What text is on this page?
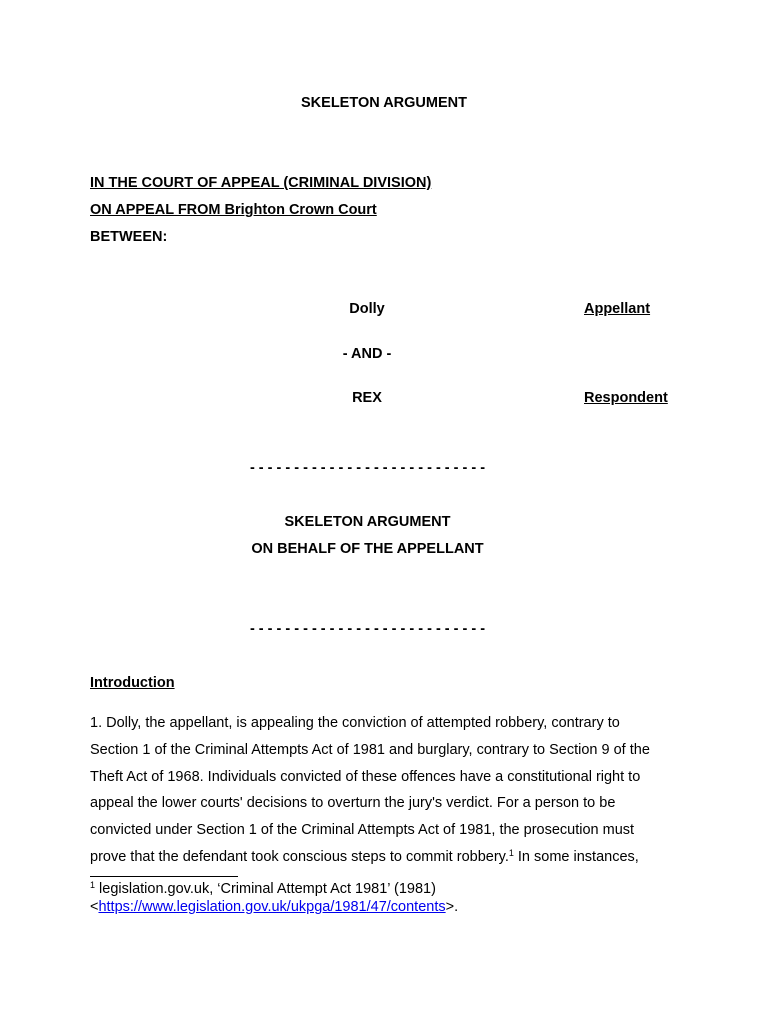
SKELETON ARGUMENT
IN THE COURT OF APPEAL (CRIMINAL DIVISION)
ON APPEAL FROM Brighton Crown Court
BETWEEN:
Dolly	Appellant
- AND -
REX	Respondent
- - - - - - - - - - - - - - - - - - - - - - - - - - -
SKELETON ARGUMENT
ON BEHALF OF THE APPELLANT
- - - - - - - - - - - - - - - - - - - - - - - - - - -
Introduction
1. Dolly, the appellant, is appealing the conviction of attempted robbery, contrary to
Section 1 of the Criminal Attempts Act of 1981 and burglary, contrary to Section 9 of the
Theft Act of 1968. Individuals convicted of these offences have a constitutional right to
appeal the lower courts' decisions to overturn the jury's verdict. For a person to be
convicted under Section 1 of the Criminal Attempts Act of 1981, the prosecution must
prove that the defendant took conscious steps to commit robbery.$^1$ In some instances,
$^1$ legislation.gov.uk, ‘Criminal Attempt Act 1981’ (1981)
<https://www.legislation.gov.uk/ukpga/1981/47/contents>.
